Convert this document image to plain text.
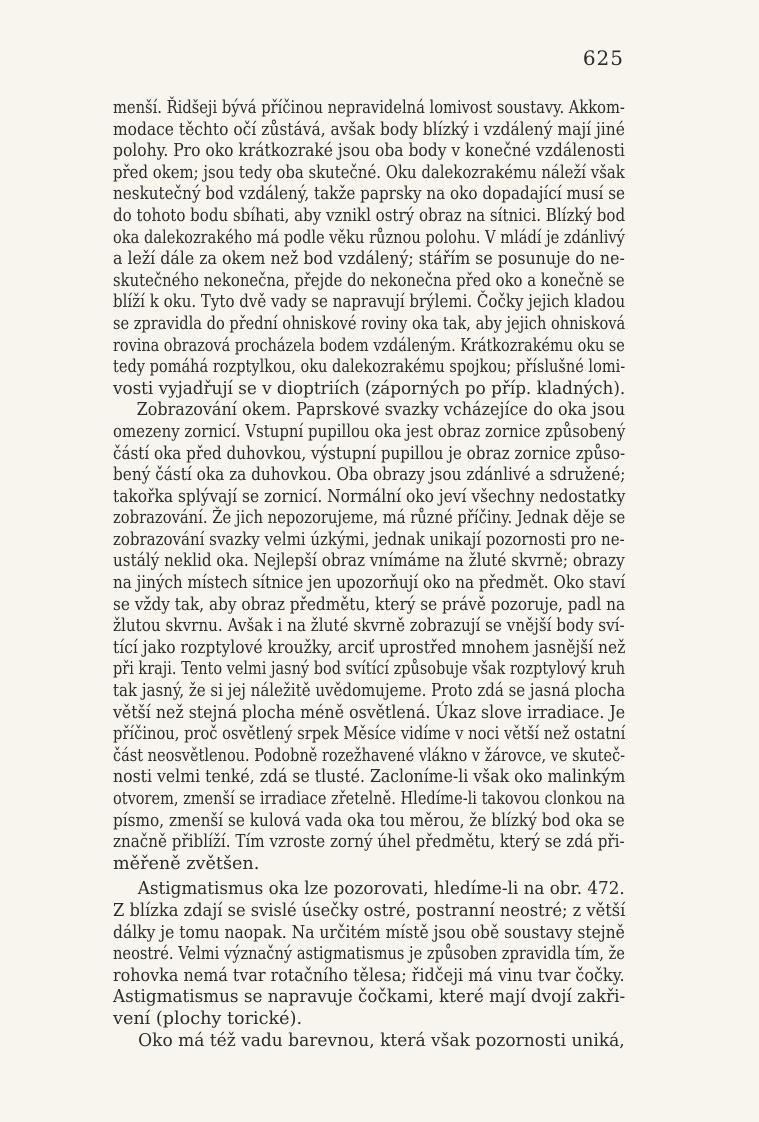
625

menší. Řidšeji bývá příčinou nepravidelná lomivost soustavy. Akkom-
modace těchto očí zůstává, avšak body blízký i vzdálený mají jiné
polohy. Pro oko krátkozraké jsou oba body v konečné vzdálenosti
před okem; jsou tedy oba skutečné. Oku dalekozrakému náleží však
neskutečný bod vzdálený, takže paprsky na oko dopadající musí se
do tohoto bodu sbíhati, aby vznikl ostrý obraz na sítnici. Blízký bod
oka dalekozrakého má podle věku různou polohu. V mládí je zdánlivý
a leží dále za okem než bod vzdálený; stářím se posunuje do ne-
skutečného nekonečna, přejde do nekonečna před oko a konečně se
blíží k oku. Tyto dvě vady se napravují brýlemi. Čočky jejich kladou
se zpravidla do přední ohniskové roviny oka tak, aby jejich ohnisková
rovina obrazová procházela bodem vzdáleným. Krátkozrakému oku se
tedy pomáhá rozptylkou, oku dalekozrakému spojkou; příslušné lomi-
vosti vyjadřují se v dioptriích (záporných po příp. kladných).

Zobrazování okem. Paprskové svazky vcházejíce do oka jsou
omezeny zornicí. Vstupní pupillou oka jest obraz zornice způsobený
částí oka před duhovkou, výstupní pupillou je obraz zornice způso-
bený částí oka za duhovkou. Oba obrazy jsou zdánlivé a sdružené;
takořka splývají se zornicí. Normální oko jeví všechny nedostatky
zobrazování. Že jich nepozorujeme, má různé příčiny. Jednak děje se
zobrazování svazky velmi úzkými, jednak unikají pozornosti pro ne-
ustálý neklid oka. Nejlepší obraz vnímáme na žluté skvrně; obrazy
na jiných místech sítnice jen upozorňují oko na předmět. Oko staví
se vždy tak, aby obraz předmětu, který se právě pozoruje, padl na
žlutou skvrnu. Avšak i na žluté skvrně zobrazují se vnější body sví-
tící jako rozptylové kroužky, arciť uprostřed mnohem jasnější než
při kraji. Tento velmi jasný bod svítící způsobuje však rozptylový kruh
tak jasný, že si jej náležitě uvědomujeme. Proto zdá se jasná plocha
větší než stejná plocha méně osvětlená. Úkaz slove irradiace. Je
příčinou, proč osvětlený srpek Měsíce vidíme v noci větší než ostatní
část neosvětlenou. Podobně rozežhavené vlákno v žárovce, ve skuteč-
nosti velmi tenké, zdá se tlusté. Zacloníme-li však oko malinkým
otvorem, zmenší se irradiace zřetelně. Hledíme-li takovou clonkou na
písmo, zmenší se kulová vada oka tou měrou, že blízký bod oka se
značně přiblíží. Tím vzroste zorný úhel předmětu, který se zdá při-
měřeně zvětšen.

Astigmatismus oka lze pozorovati, hledíme-li na obr. 472.
Z blízka zdají se svislé úsečky ostré, postranní neostré; z větší
dálky je tomu naopak. Na určitém místě jsou obě soustavy stejně
neostré. Velmi význačný astigmatismus je způsoben zpravidla tím, že
rohovka nemá tvar rotačního tělesa; řidčeji má vinu tvar čočky.
Astigmatismus se napravuje čočkami, které mají dvojí zakři-
vení (plochy torické).

Oko má též vadu barevnou, která však pozornosti uniká,
